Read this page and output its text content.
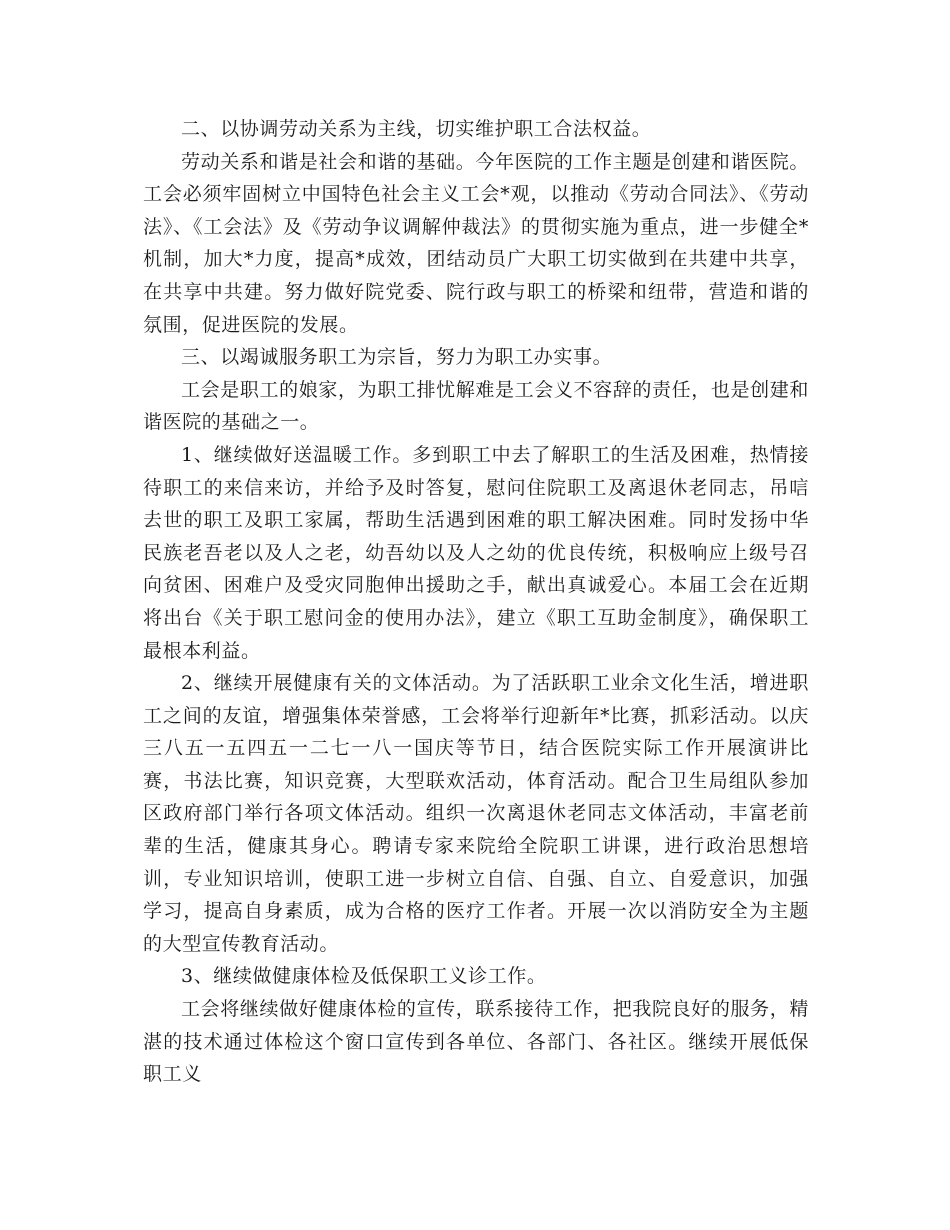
二、以协调劳动关系为主线，切实维护职工合法权益。

劳动关系和谐是社会和谐的基础。今年医院的工作主题是创建和谐医院。工会必须牢固树立中国特色社会主义工会*观，以推动《劳动合同法》、《劳动法》、《工会法》及《劳动争议调解仲裁法》的贯彻实施为重点，进一步健全*机制，加大*力度，提高*成效，团结动员广大职工切实做到在共建中共享，在共享中共建。努力做好院党委、院行政与职工的桥梁和纽带，营造和谐的氛围，促进医院的发展。

三、以竭诚服务职工为宗旨，努力为职工办实事。

工会是职工的娘家，为职工排忧解难是工会义不容辞的责任，也是创建和谐医院的基础之一。

1、继续做好送温暖工作。多到职工中去了解职工的生活及困难，热情接待职工的来信来访，并给予及时答复，慰问住院职工及离退休老同志，吊唁去世的职工及职工家属，帮助生活遇到困难的职工解决困难。同时发扬中华民族老吾老以及人之老，幼吾幼以及人之幼的优良传统，积极响应上级号召向贫困、困难户及受灾同胞伸出援助之手，献出真诚爱心。本届工会在近期将出台《关于职工慰问金的使用办法》，建立《职工互助金制度》，确保职工最根本利益。

2、继续开展健康有关的文体活动。为了活跃职工业余文化生活，增进职工之间的友谊，增强集体荣誉感，工会将举行迎新年*比赛，抓彩活动。以庆三八五一五四五一二七一八一国庆等节日，结合医院实际工作开展演讲比赛，书法比赛，知识竞赛，大型联欢活动，体育活动。配合卫生局组队参加区政府部门举行各项文体活动。组织一次离退休老同志文体活动，丰富老前辈的生活，健康其身心。聘请专家来院给全院职工讲课，进行政治思想培训，专业知识培训，使职工进一步树立自信、自强、自立、自爱意识，加强学习，提高自身素质，成为合格的医疗工作者。开展一次以消防安全为主题的大型宣传教育活动。

3、继续做健康体检及低保职工义诊工作。

工会将继续做好健康体检的宣传，联系接待工作，把我院良好的服务，精湛的技术通过体检这个窗口宣传到各单位、各部门、各社区。继续开展低保职工义
